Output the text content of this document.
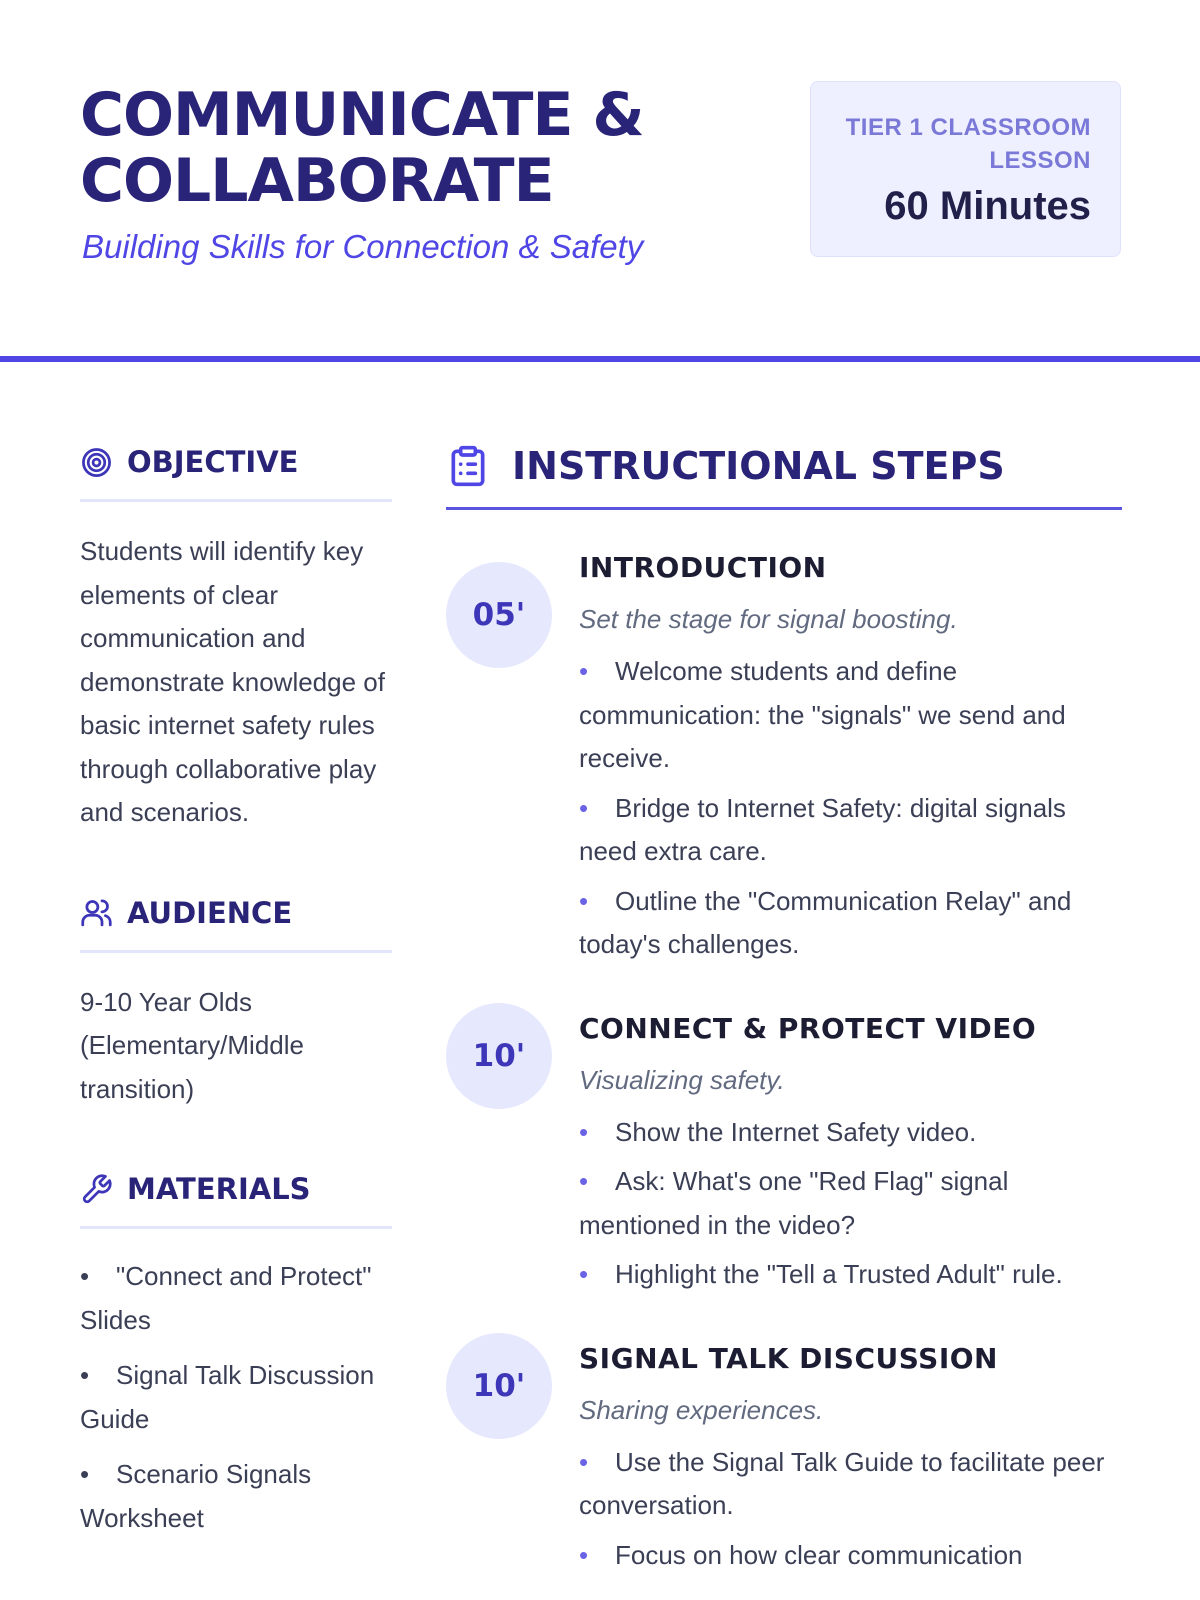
COMMUNICATE &
COLLABORATE
Building Skills for Connection & Safety
TIER 1 CLASSROOM
LESSON
60 Minutes
OBJECTIVE

Students will identify key elements of clear communication and demonstrate knowledge of basic internet safety rules through collaborative play and scenarios.

AUDIENCE

9-10 Year Olds (Elementary/Middle transition)

MATERIALS
• "Connect and Protect" Slides
• Signal Talk Discussion Guide
• Scenario Signals Worksheet
INSTRUCTIONAL STEPS
05'
INTRODUCTION
Set the stage for signal boosting.
• Welcome students and define communication: the "signals" we send and receive.
• Bridge to Internet Safety: digital signals need extra care.
• Outline the "Communication Relay" and today's challenges.
10'
CONNECT & PROTECT VIDEO
Visualizing safety.
• Show the Internet Safety video.
• Ask: What's one "Red Flag" signal mentioned in the video?
• Highlight the "Tell a Trusted Adult" rule.
10'
SIGNAL TALK DISCUSSION
Sharing experiences.
• Use the Signal Talk Guide to facilitate peer conversation.
• Focus on how clear communication
